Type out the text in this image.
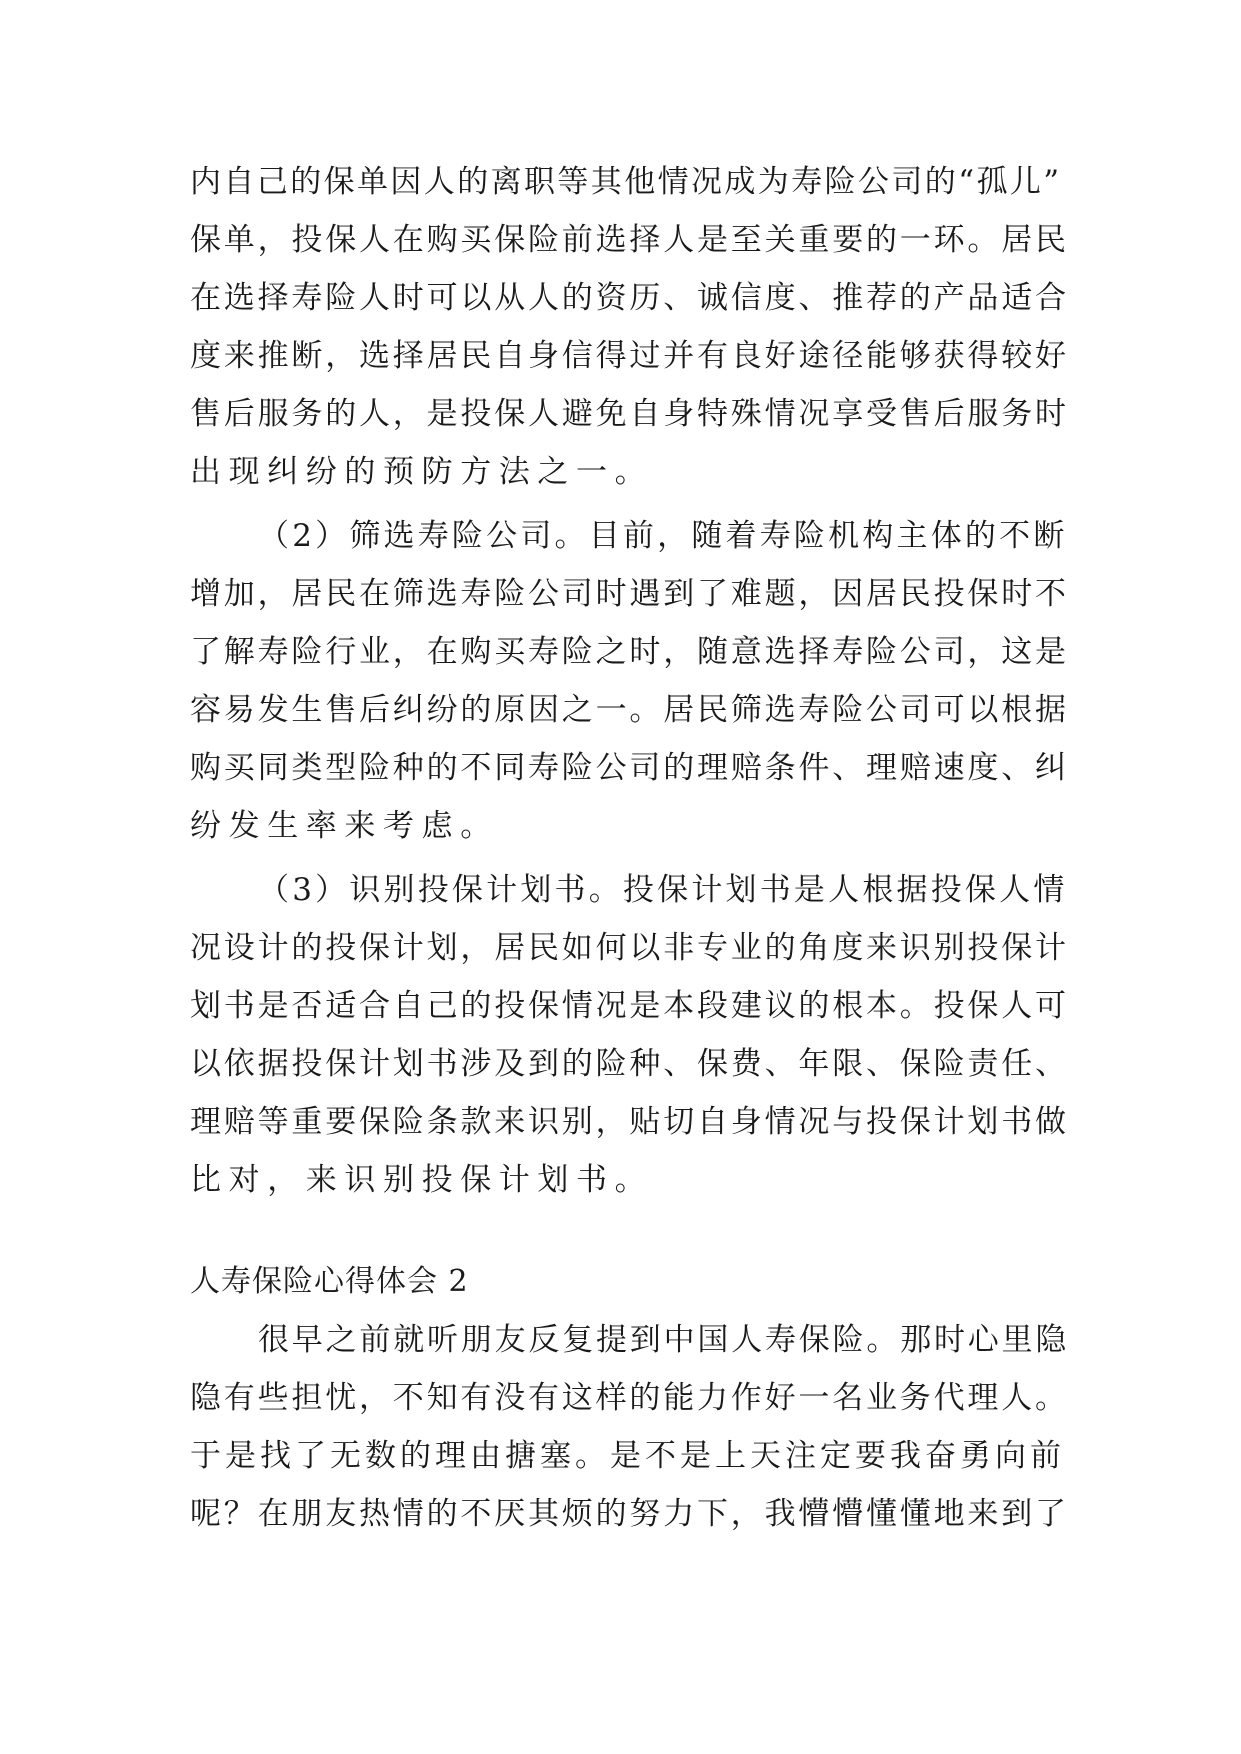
内自己的保单因人的离职等其他情况成为寿险公司的“孤儿”
保单，投保人在购买保险前选择人是至关重要的一环。居民
在选择寿险人时可以从人的资历、诚信度、推荐的产品适合
度来推断，选择居民自身信得过并有良好途径能够获得较好
售后服务的人，是投保人避免自身特殊情况享受售后服务时
出现纠纷的预防方法之一。
（2）筛选寿险公司。目前，随着寿险机构主体的不断
增加，居民在筛选寿险公司时遇到了难题，因居民投保时不
了解寿险行业，在购买寿险之时，随意选择寿险公司，这是
容易发生售后纠纷的原因之一。居民筛选寿险公司可以根据
购买同类型险种的不同寿险公司的理赔条件、理赔速度、纠
纷发生率来考虑。
（3）识别投保计划书。投保计划书是人根据投保人情
况设计的投保计划，居民如何以非专业的角度来识别投保计
划书是否适合自己的投保情况是本段建议的根本。投保人可
以依据投保计划书涉及到的险种、保费、年限、保险责任、
理赔等重要保险条款来识别，贴切自身情况与投保计划书做
比对，来识别投保计划书。
人寿保险心得体会 2
很早之前就听朋友反复提到中国人寿保险。那时心里隐
隐有些担忧，不知有没有这样的能力作好一名业务代理人。
于是找了无数的理由搪塞。是不是上天注定要我奋勇向前
呢？在朋友热情的不厌其烦的努力下，我懵懵懂懂地来到了
